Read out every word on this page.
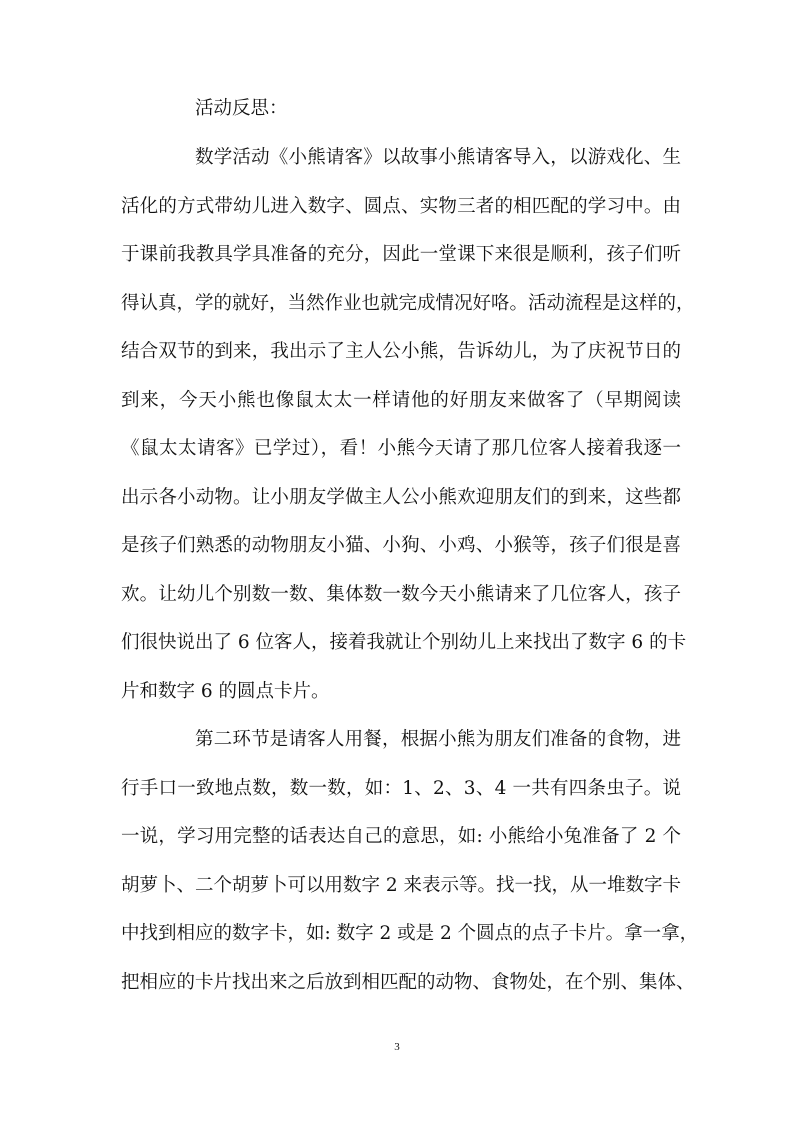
活动反思：
数学活动《小熊请客》以故事小熊请客导入，以游戏化、生
活化的方式带幼儿进入数字、圆点、实物三者的相匹配的学习中。由
于课前我教具学具准备的充分，因此一堂课下来很是顺利，孩子们听
得认真，学的就好，当然作业也就完成情况好咯。活动流程是这样的，
结合双节的到来，我出示了主人公小熊，告诉幼儿，为了庆祝节日的
到来，今天小熊也像鼠太太一样请他的好朋友来做客了（早期阅读
《鼠太太请客》已学过），看！小熊今天请了那几位客人接着我逐一
出示各小动物。让小朋友学做主人公小熊欢迎朋友们的到来，这些都
是孩子们熟悉的动物朋友小猫、小狗、小鸡、小猴等，孩子们很是喜
欢。让幼儿个别数一数、集体数一数今天小熊请来了几位客人，孩子
们很快说出了 6 位客人，接着我就让个别幼儿上来找出了数字 6 的卡
片和数字 6 的圆点卡片。
第二环节是请客人用餐，根据小熊为朋友们准备的食物，进
行手口一致地点数，数一数，如：1、2、3、4 一共有四条虫子。说
一说，学习用完整的话表达自己的意思，如: 小熊给小兔准备了 2 个
胡萝卜、二个胡萝卜可以用数字 2 来表示等。找一找，从一堆数字卡
中找到相应的数字卡，如: 数字 2 或是 2 个圆点的点子卡片。拿一拿，
把相应的卡片找出来之后放到相匹配的动物、食物处，在个别、集体、
3
